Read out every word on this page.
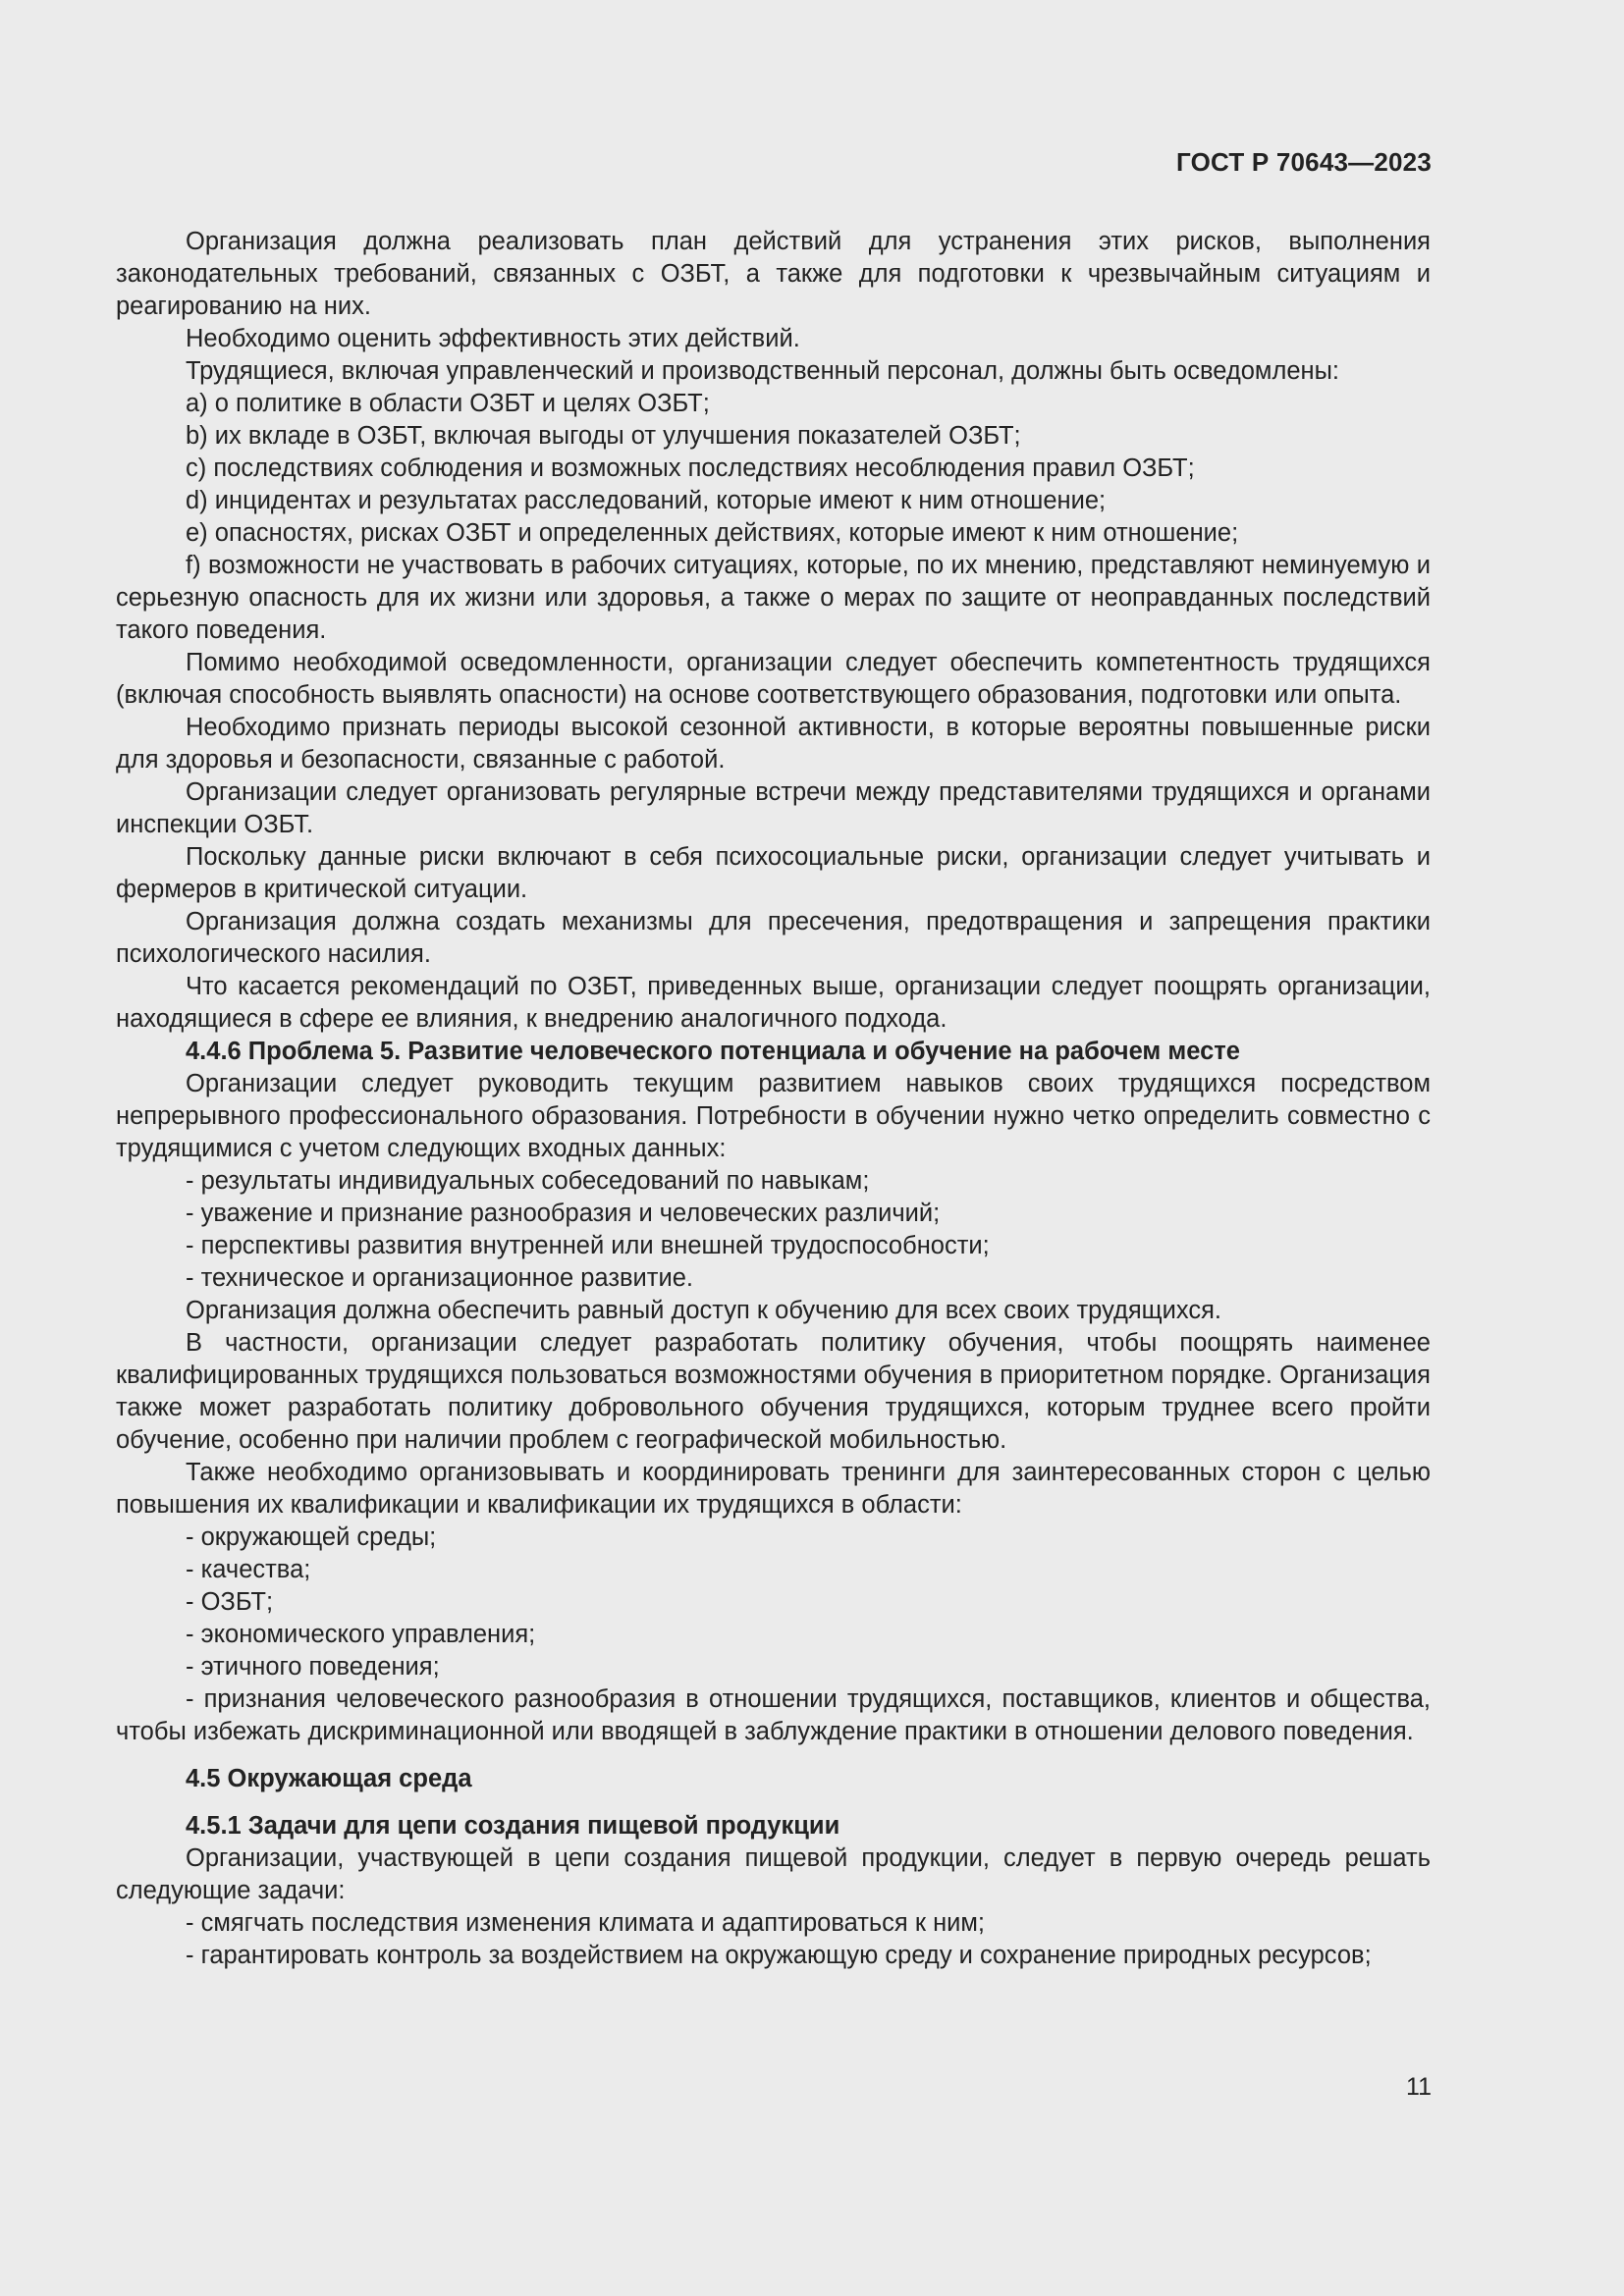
ГОСТ Р 70643—2023

Организация должна реализовать план действий для устранения этих рисков, выполнения законодательных требований, связанных с ОЗБТ, а также для подготовки к чрезвычайным ситуациям и реагированию на них.

Необходимо оценить эффективность этих действий.

Трудящиеся, включая управленческий и производственный персонал, должны быть осведомлены:

a) о политике в области ОЗБТ и целях ОЗБТ;

b) их вкладе в ОЗБТ, включая выгоды от улучшения показателей ОЗБТ;

c) последствиях соблюдения и возможных последствиях несоблюдения правил ОЗБТ;

d) инцидентах и результатах расследований, которые имеют к ним отношение;

e) опасностях, рисках ОЗБТ и определенных действиях, которые имеют к ним отношение;

f) возможности не участвовать в рабочих ситуациях, которые, по их мнению, представляют неминуемую и серьезную опасность для их жизни или здоровья, а также о мерах по защите от неоправданных последствий такого поведения.

Помимо необходимой осведомленности, организации следует обеспечить компетентность трудящихся (включая способность выявлять опасности) на основе соответствующего образования, подготовки или опыта.

Необходимо признать периоды высокой сезонной активности, в которые вероятны повышенные риски для здоровья и безопасности, связанные с работой.

Организации следует организовать регулярные встречи между представителями трудящихся и органами инспекции ОЗБТ.

Поскольку данные риски включают в себя психосоциальные риски, организации следует учитывать и фермеров в критической ситуации.

Организация должна создать механизмы для пресечения, предотвращения и запрещения практики психологического насилия.

Что касается рекомендаций по ОЗБТ, приведенных выше, организации следует поощрять организации, находящиеся в сфере ее влияния, к внедрению аналогичного подхода.

4.4.6 Проблема 5. Развитие человеческого потенциала и обучение на рабочем месте

Организации следует руководить текущим развитием навыков своих трудящихся посредством непрерывного профессионального образования. Потребности в обучении нужно четко определить совместно с трудящимися с учетом следующих входных данных:

- результаты индивидуальных собеседований по навыкам;

- уважение и признание разнообразия и человеческих различий;

- перспективы развития внутренней или внешней трудоспособности;

- техническое и организационное развитие.

Организация должна обеспечить равный доступ к обучению для всех своих трудящихся.

В частности, организации следует разработать политику обучения, чтобы поощрять наименее квалифицированных трудящихся пользоваться возможностями обучения в приоритетном порядке. Организация также может разработать политику добровольного обучения трудящихся, которым труднее всего пройти обучение, особенно при наличии проблем с географической мобильностью.

Также необходимо организовывать и координировать тренинги для заинтересованных сторон с целью повышения их квалификации и квалификации их трудящихся в области:

- окружающей среды;

- качества;

- ОЗБТ;

- экономического управления;

- этичного поведения;

- признания человеческого разнообразия в отношении трудящихся, поставщиков, клиентов и общества, чтобы избежать дискриминационной или вводящей в заблуждение практики в отношении делового поведения.

4.5 Окружающая среда

4.5.1 Задачи для цепи создания пищевой продукции

Организации, участвующей в цепи создания пищевой продукции, следует в первую очередь решать следующие задачи:

- смягчать последствия изменения климата и адаптироваться к ним;

- гарантировать контроль за воздействием на окружающую среду и сохранение природных ресурсов;

11
